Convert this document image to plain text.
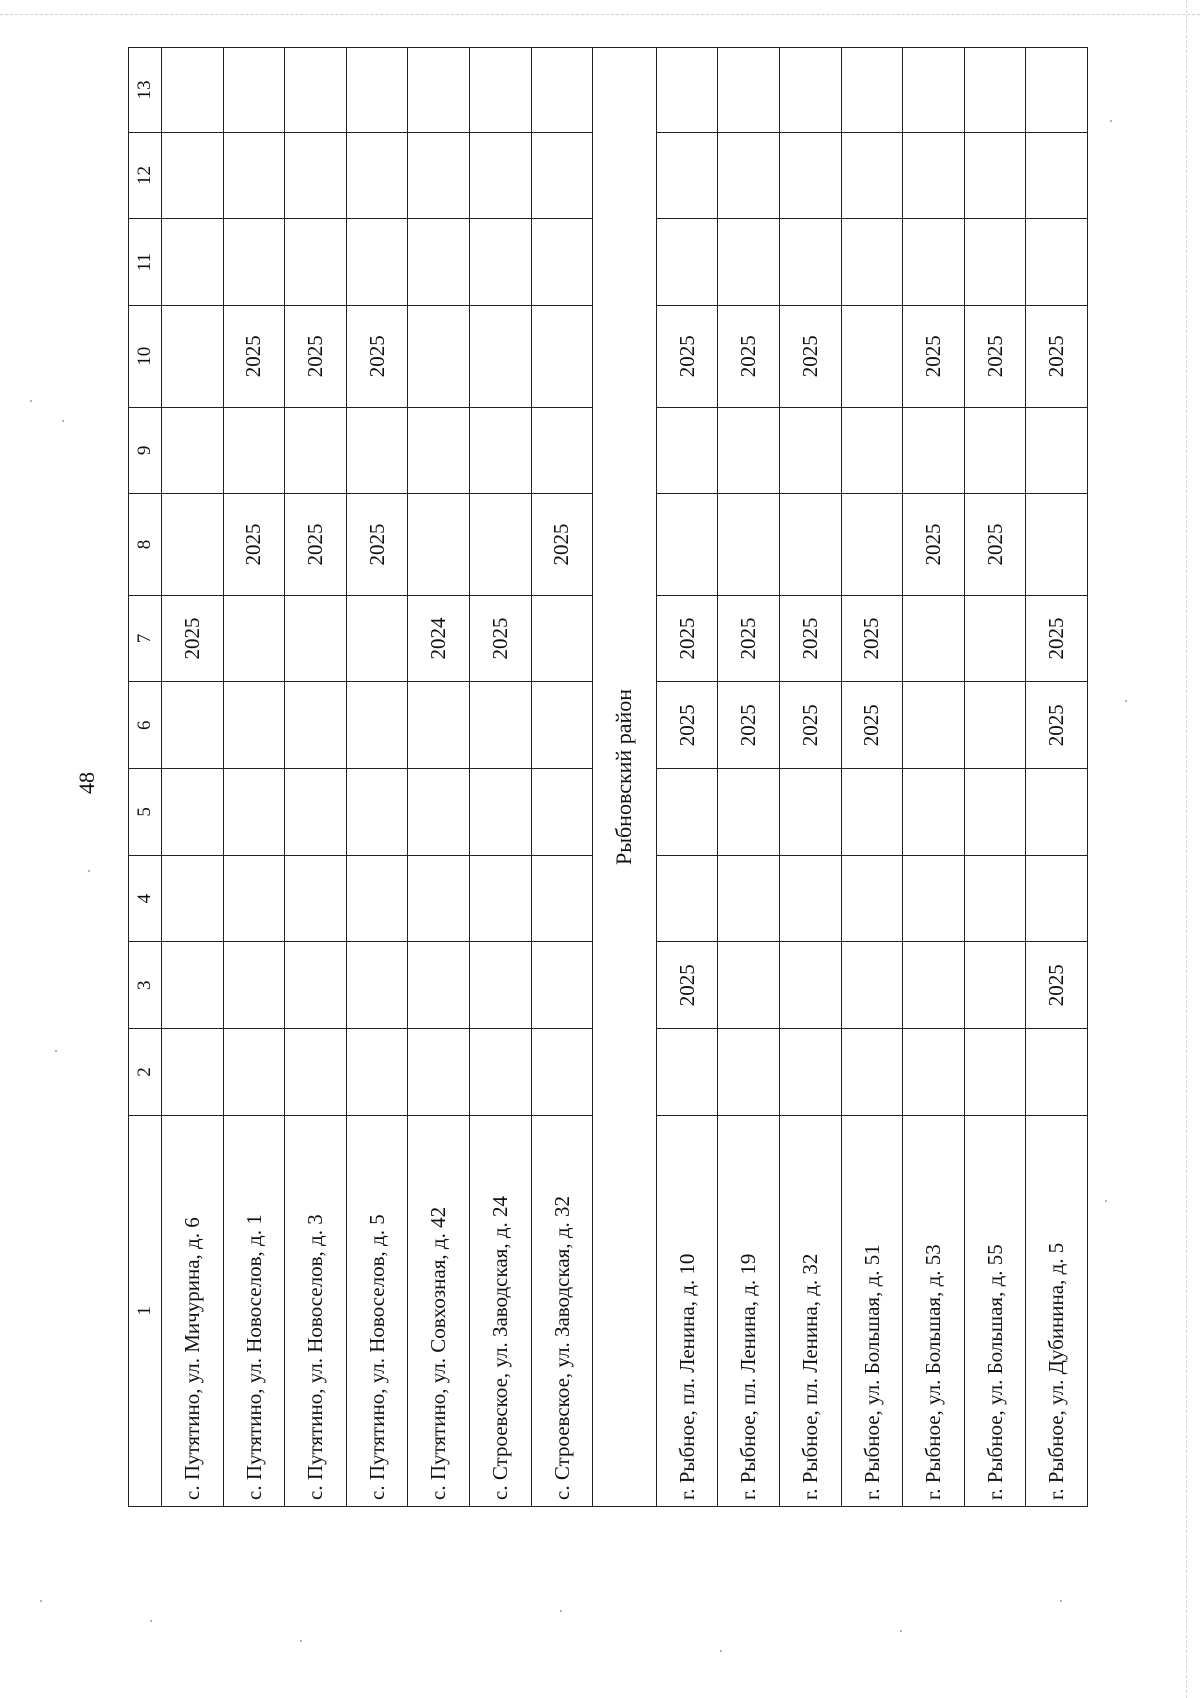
48
1	2	3	4	5	6	7	8	9	10	11	12	13
с. Путятино, ул. Мичурина, д. 6						2025						
с. Путятино, ул. Новоселов, д. 1							2025		2025			
с. Путятино, ул. Новоселов, д. 3							2025		2025			
с. Путятино, ул. Новоселов, д. 5							2025		2025			
с. Путятино, ул. Совхозная, д. 42						2024						
с. Строевское, ул. Заводская, д. 24						2025						
с. Строевское, ул. Заводская, д. 32							2025					
Рыбновский район												
г. Рыбное, пл. Ленина, д. 10		2025			2025	2025			2025			
г. Рыбное, пл. Ленина, д. 19					2025	2025			2025			
г. Рыбное, пл. Ленина, д. 32					2025	2025			2025			
г. Рыбное, ул. Большая, д. 51					2025	2025						
г. Рыбное, ул. Большая, д. 53							2025		2025			
г. Рыбное, ул. Большая, д. 55							2025		2025			
г. Рыбное, ул. Дубинина, д. 5		2025			2025	2025			2025			
